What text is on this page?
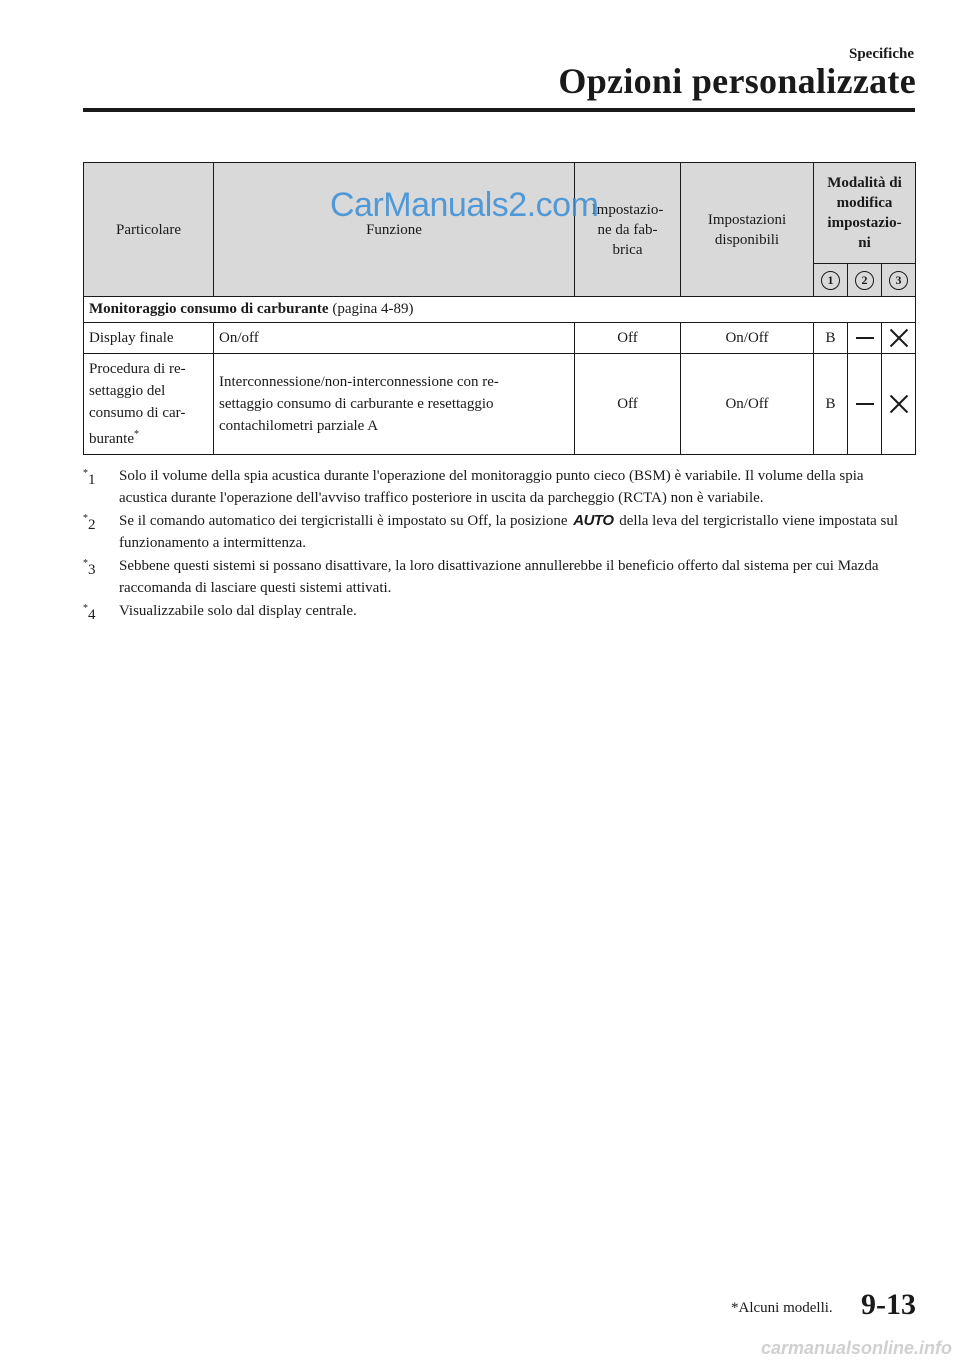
Specifiche
Opzioni personalizzate
Particolare	Funzione	Impostazio-
ne da fab-
brica	Impostazioni
disponibili	Modalità di
modifica
impostazio-
ni		
				1	2	3
Monitoraggio consumo di carburante (pagina 4-89)						
Display finale	On/off	Off	On/Off	B		
Procedura di re-
settaggio del
consumo di car-
burante*	Interconnessione/non-interconnessione con re-
settaggio consumo di carburante e resettaggio
contachilometri parziale A	Off	On/Off	B		
CarManuals2.com
*1	Solo il volume della spia acustica durante l'operazione del monitoraggio punto cieco (BSM) è variabile. Il volume della spia acustica durante l'operazione dell'avviso traffico posteriore in uscita da parcheggio (RCTA) non è variabile.
*2	Se il comando automatico dei tergicristalli è impostato su Off, la posizione AUTO della leva del tergicristallo viene impostata sul funzionamento a intermittenza.
*3	Sebbene questi sistemi si possano disattivare, la loro disattivazione annullerebbe il beneficio offerto dal sistema per cui Mazda raccomanda di lasciare questi sistemi attivati.
*4	Visualizzabile solo dal display centrale.
*Alcuni modelli. 9-13
carmanualsonline.info
